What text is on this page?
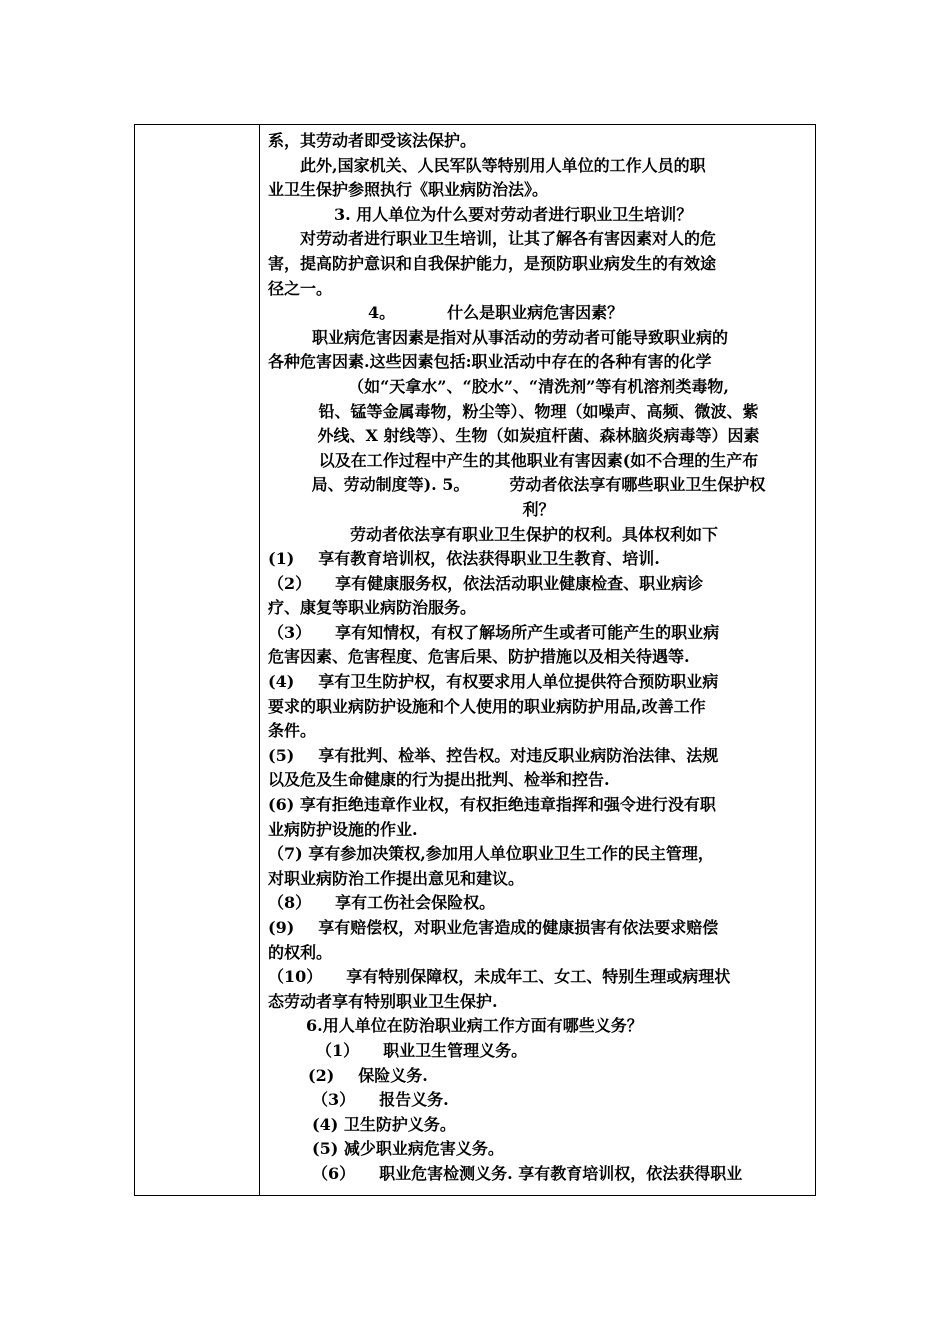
系，其劳动者即受该法保护。

此外,国家机关、人民军队等特别用人单位的工作人员的职

业卫生保护参照执行《职业病防治法》。

3. 用人单位为什么要对劳动者进行职业卫生培训？

对劳动者进行职业卫生培训，让其了解各有害因素对人的危

害，提高防护意识和自我保护能力，是预防职业病发生的有效途

径之一。

4。	什么是职业病危害因素？

职业病危害因素是指对从事活动的劳动者可能导致职业病的

各种危害因素.这些因素包括:职业活动中存在的各种有害的化学

（如“天拿水”、“胶水”、“清洗剂”等有机溶剂类毒物,

铅、锰等金属毒物，粉尘等）、物理（如噪声、高频、微波、紫

外线、X 射线等）、生物（如炭疽杆菌、森林脑炎病毒等）因素

以及在工作过程中产生的其他职业有害因素(如不合理的生产布

局、劳动制度等). 5。	劳动者依法享有哪些职业卫生保护权

利？

劳动者依法享有职业卫生保护的权利。具体权利如下

(1) 享有教育培训权，依法获得职业卫生教育、培训.

（2） 享有健康服务权，依法活动职业健康检查、职业病诊

疗、康复等职业病防治服务。

（3） 享有知情权，有权了解场所产生或者可能产生的职业病

危害因素、危害程度、危害后果、防护措施以及相关待遇等.

(4) 享有卫生防护权，有权要求用人单位提供符合预防职业病

要求的职业病防护设施和个人使用的职业病防护用品,改善工作

条件。

(5) 享有批判、检举、控告权。对违反职业病防治法律、法规

以及危及生命健康的行为提出批判、检举和控告.

(6) 享有拒绝违章作业权，有权拒绝违章指挥和强令进行没有职

业病防护设施的作业.

（7) 享有参加决策权,参加用人单位职业卫生工作的民主管理，

对职业病防治工作提出意见和建议。

（8） 享有工伤社会保险权。

(9) 享有赔偿权，对职业危害造成的健康损害有依法要求赔偿

的权利。

（10） 享有特别保障权，未成年工、女工、特别生理或病理状

态劳动者享有特别职业卫生保护.

6.用人单位在防治职业病工作方面有哪些义务？

（1） 职业卫生管理义务。

(2) 保险义务.

（3） 报告义务.

(4) 卫生防护义务。

(5) 减少职业病危害义务。

（6） 职业危害检测义务. 享有教育培训权，依法获得职业
